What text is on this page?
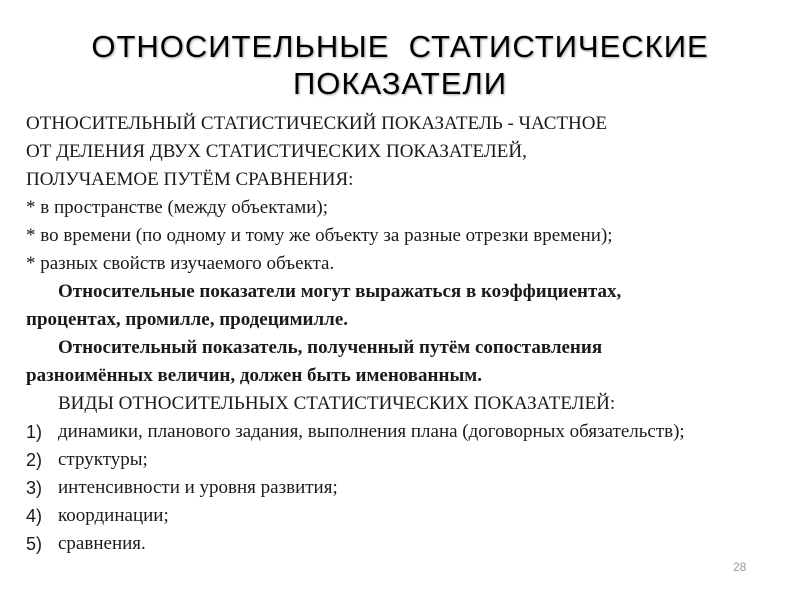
ОТНОСИТЕЛЬНЫЕ  СТАТИСТИЧЕСКИЕ
ПОКАЗАТЕЛИ
ОТНОСИТЕЛЬНЫЙ СТАТИСТИЧЕСКИЙ ПОКАЗАТЕЛЬ - ЧАСТНОЕ
ОТ ДЕЛЕНИЯ ДВУХ СТАТИСТИЧЕСКИХ ПОКАЗАТЕЛЕЙ,
ПОЛУЧАЕМОЕ ПУТЁМ СРАВНЕНИЯ:
* в пространстве (между объектами);
* во времени (по одному и тому же объекту за разные отрезки времени);
* разных свойств изучаемого объекта.
Относительные показатели могут выражаться в коэффициентах,
процентах, промилле, продецимилле.
Относительный показатель, полученный путём сопоставления
разноимённых величин, должен быть именованным.
ВИДЫ ОТНОСИТЕЛЬНЫХ СТАТИСТИЧЕСКИХ ПОКАЗАТЕЛЕЙ:
1) динамики, планового задания, выполнения плана (договорных обязательств);
2) структуры;
3) интенсивности и уровня развития;
4) координации;
5) сравнения.
28
